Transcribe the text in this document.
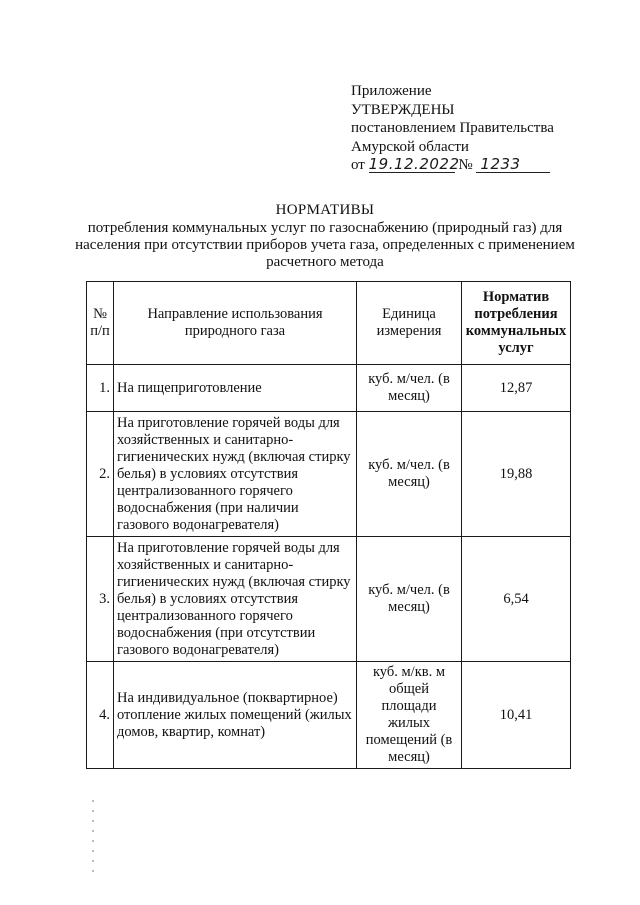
Приложение
УТВЕРЖДЕНЫ
постановлением Правительства
Амурской области
от 19.12.2022 № 1233
НОРМАТИВЫ
потребления коммунальных услуг по газоснабжению (природный газ) для
населения при отсутствии приборов учета газа, определенных с применением
расчетного метода
№ п/п	Направление использования природного газа	Единица измерения	Норматив потребления коммунальных услуг
1.	На пищеприготовление	куб. м/чел. (в месяц)	12,87
2.	На приготовление горячей воды для хозяйственных и санитарно-гигиенических нужд (включая стирку белья) в условиях отсутствия централизованного горячего водоснабжения (при наличии газового водонагревателя)	куб. м/чел. (в месяц)	19,88
3.	На приготовление горячей воды для хозяйственных и санитарно-гигиенических нужд (включая стирку белья) в условиях отсутствия централизованного горячего водоснабжения (при отсутствии газового водонагревателя)	куб. м/чел. (в месяц)	6,54
4.	На индивидуальное (поквартирное) отопление жилых помещений (жилых домов, квартир, комнат)	куб. м/кв. м общей площади жилых помещений (в месяц)	10,41
